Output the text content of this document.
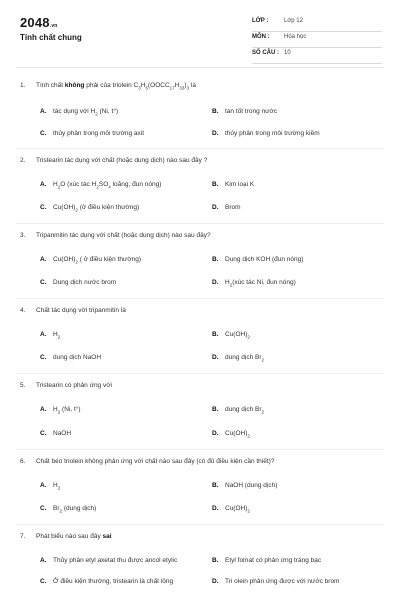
2048.vn
Tính chất chung
LỚP :	Lớp 12
MÔN : Hóa học
SỐ CÂU : 10
1. Tính chất không phải của triolein $C_3H_5(OOCC_{17}H_{33})_3$ là
A. tác dụng với $H_2$ (Ni, t°)	B. tan tốt trong nước
C. thủy phân trong môi trường axit	D. thủy phân trong môi trường kiềm
2. Tristearin tác dụng với chất (hoặc dung dịch) nào sau đây ?
A. $H_2O$ (xúc tác $H_2SO_4$ loãng, đun nóng)	B. Kim loại K
C. $Cu(OH)_2$ (ở điều kiện thường)	D. Brom
3. Tripanmitin tác dụng với chất (hoặc dung dịch) nào sau đây?
A. $Cu(OH)_2$ ( ở điều kiện thường)	B. Dung dịch KOH (đun nóng)
C. Dung dịch nước brom	D. $H_2(xúc$ tác Ni, đun nóng)
4. Chất tác dụng với tripanmitin là
A. $H_2$	B. $Cu(OH)_2$
C. dung dịch NaOH	D. dung dịch $Br_2$
5. Tristearin có phản ứng với
A. $H_2$ (Ni, t°)	B. dung dịch $Br_2$
C. NaOH	D. $Cu(OH)_2$
6. Chất béo triolein không phản ứng với chất nào sau đây (có đủ điều kiện cần thiết)?
A. $H_2$	B. NaOH (dung dịch)
C. $Br_2$ (dung dịch)	D. $Cu(OH)_2$
7. Phát biểu nào sau đây sai
A. Thủy phân etyl axetat thu được ancol etylic	B. Etyl fomat có phản ứng tráng bạc
C. Ở điều kiện thường, tristearin là chất lỏng	D. Tri olein phản ứng được với nước brom
